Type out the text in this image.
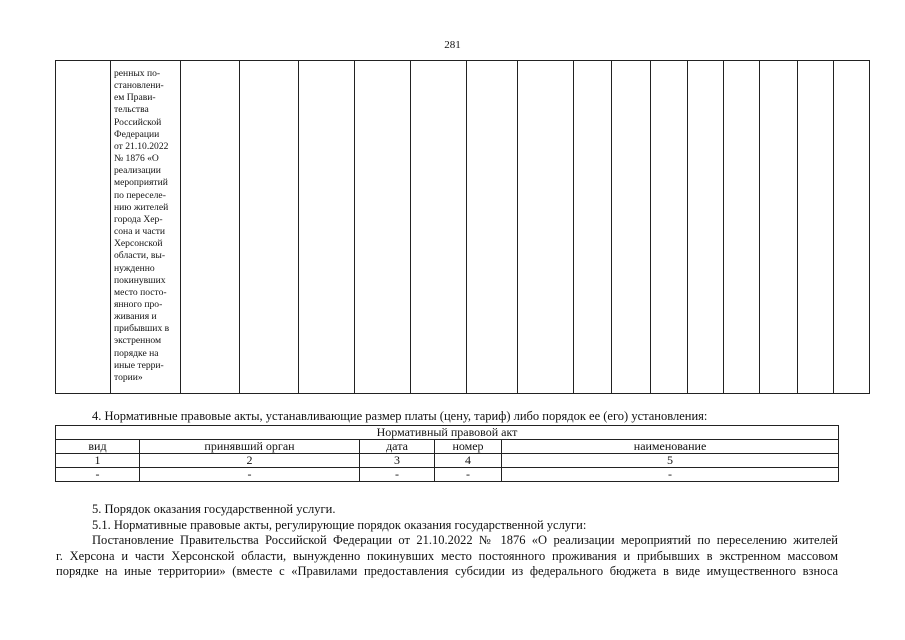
281

ренных по-
становлени-
ем Прави-
тельства
Российской
Федерации
от 21.10.2022
№ 1876 «О
реализации
мероприятий
по переселе-
нию жителей
города Хер-
сона и части
Херсонской
области, вы-
нужденно
покинувших
место посто-
янного про-
живания и
прибывших в
экстренном
порядке на
иные терри-
тории»

4. Нормативные правовые акты, устанавливающие размер платы (цену, тариф) либо порядок ее (его) установления:
Нормативный правовой акт				
вид	принявший орган	дата	номер	наименование
1	2	3	4	5
-	-	-	-	-
5. Порядок оказания государственной услуги.
5.1. Нормативные правовые акты, регулирующие порядок оказания государственной услуги:
Постановление Правительства Российской Федерации от 21.10.2022 № 1876 «О реализации мероприятий по переселению жителей
г. Херсона и части Херсонской области, вынужденно покинувших место постоянного проживания и прибывших в экстренном массовом
порядке на иные территории» (вместе с «Правилами предоставления субсидии из федерального бюджета в виде имущественного взноса
